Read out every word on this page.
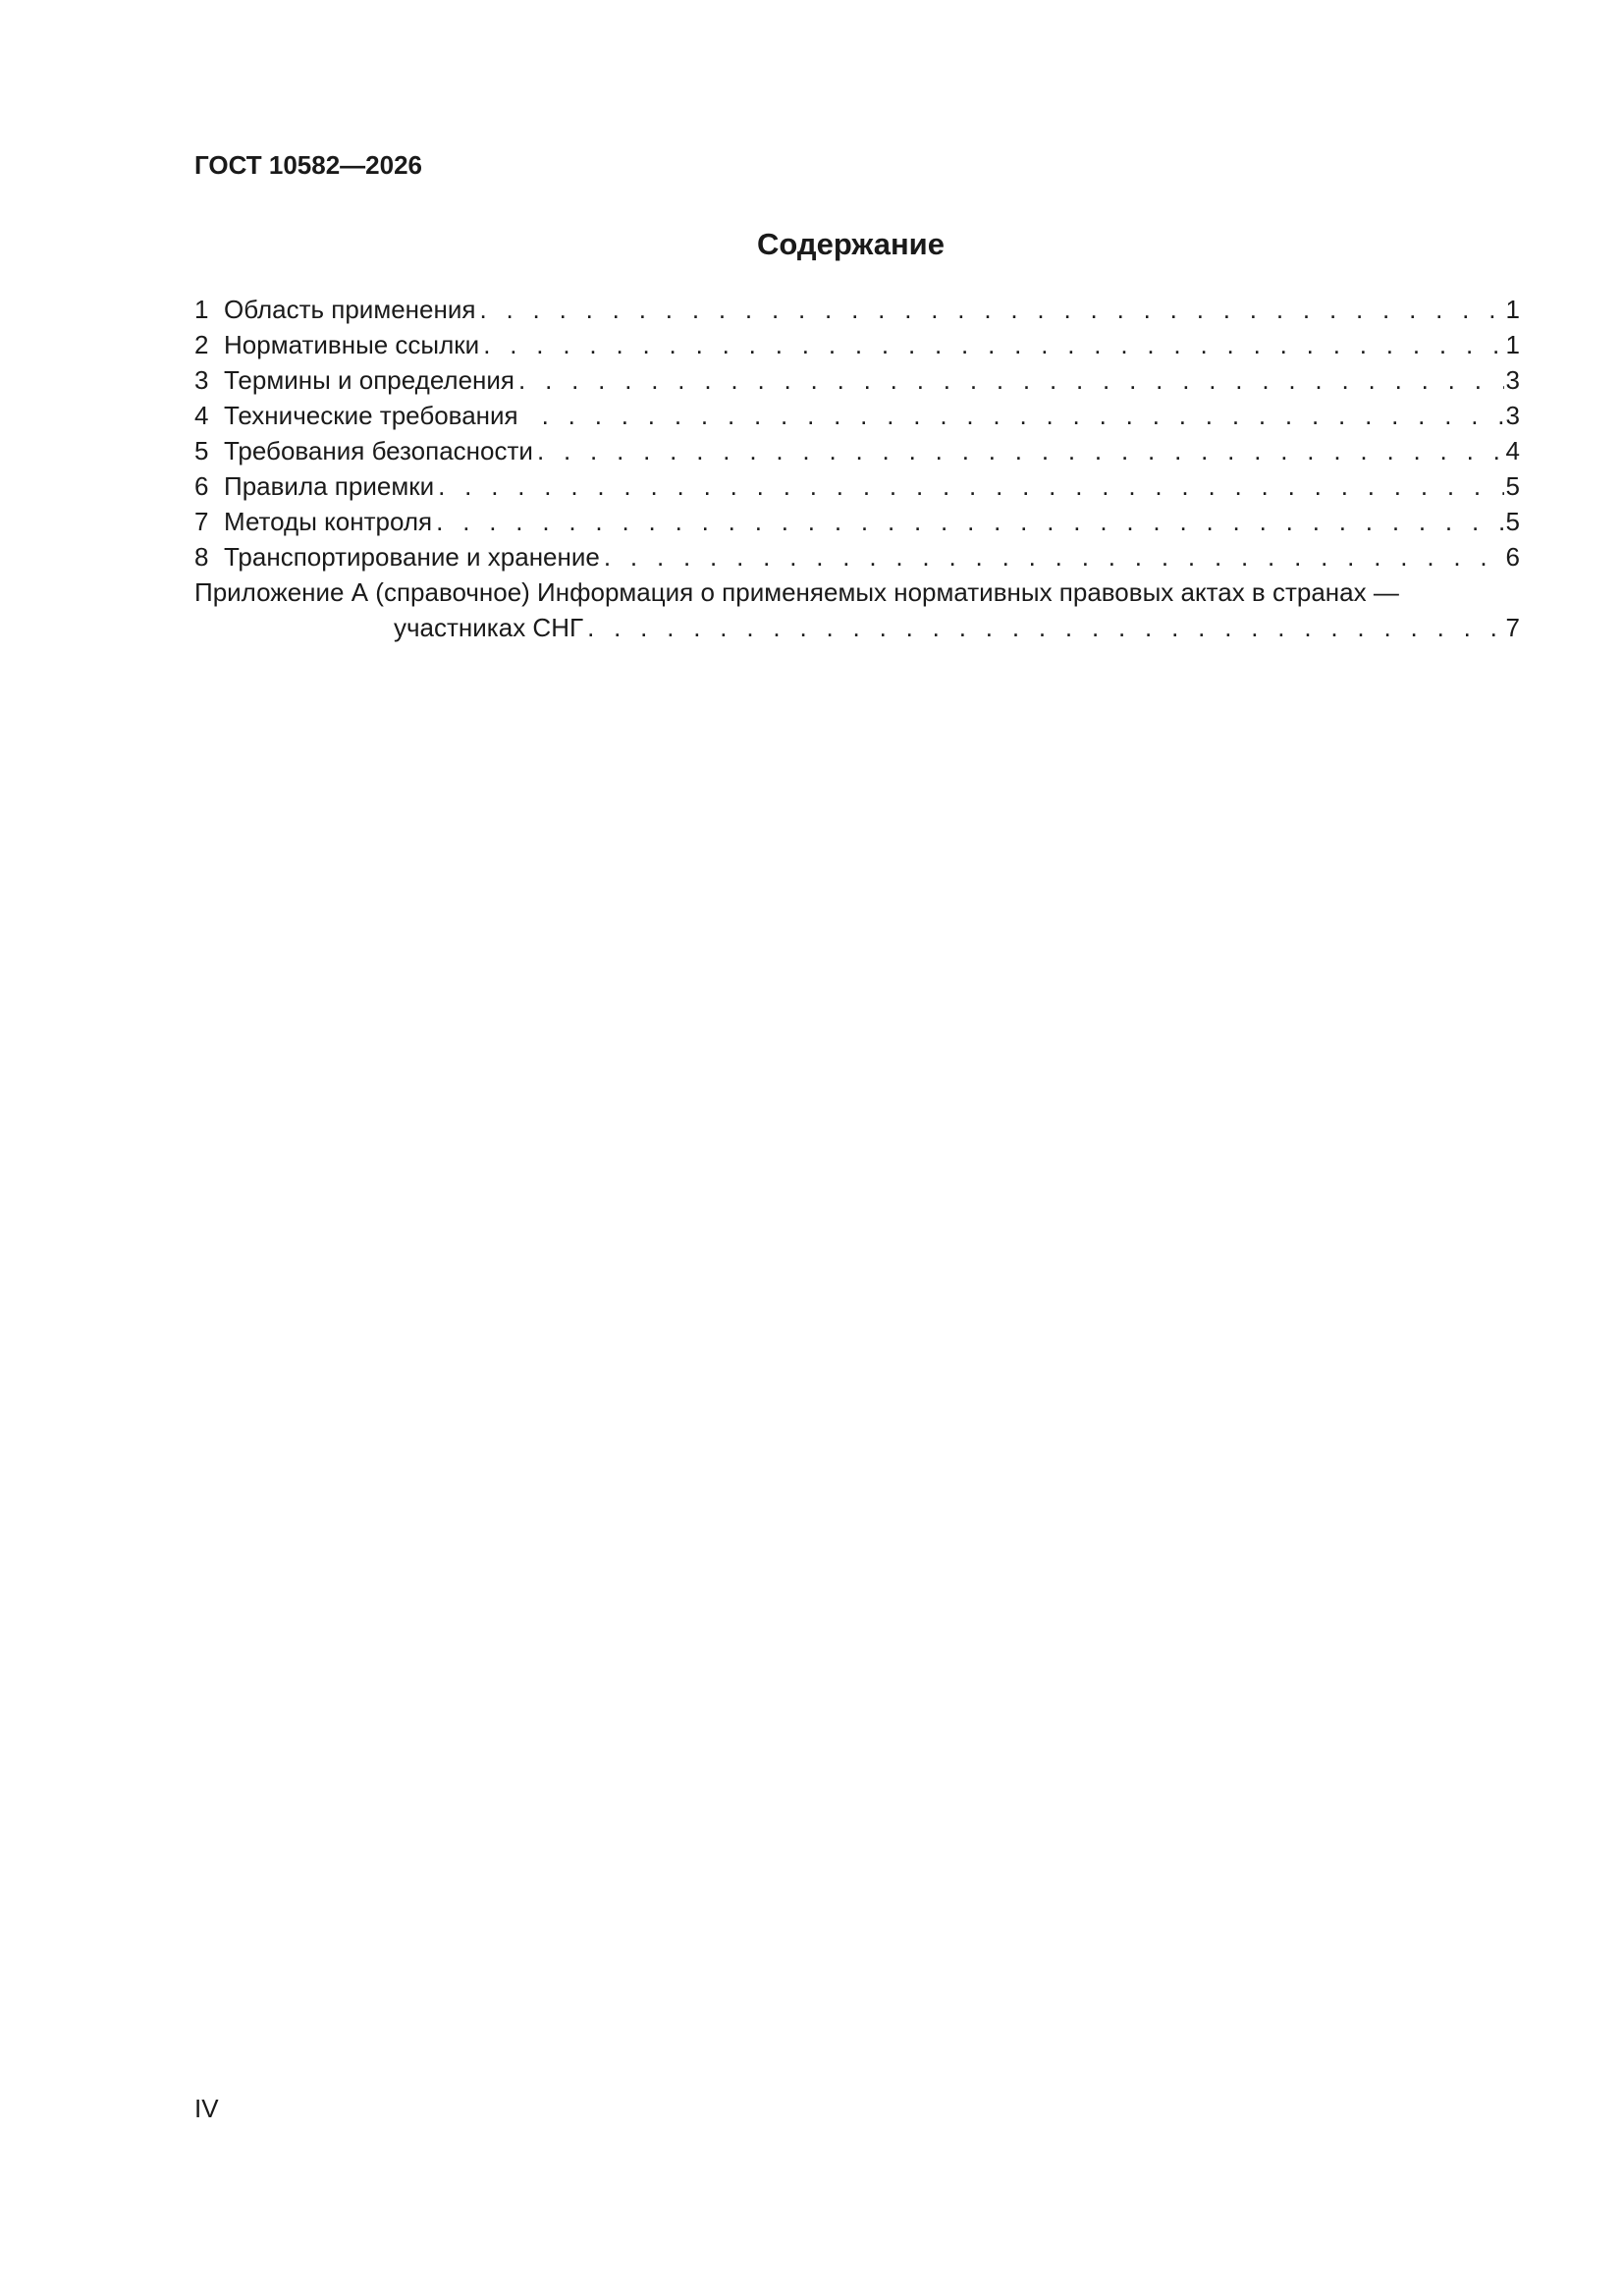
ГОСТ 10582—2026
Содержание
1 Область применения . . .	1
2 Нормативные ссылки . . .	1
3 Термины и определения . . .	3
4 Технические требования . . .	3
5 Требования безопасности . . .	4
6 Правила приемки . . .	5
7 Методы контроля . . .	5
8 Транспортирование и хранение . . .	6
Приложение А (справочное) Информация о применяемых нормативных правовых актах в странах —
участниках СНГ . . .	7
IV
